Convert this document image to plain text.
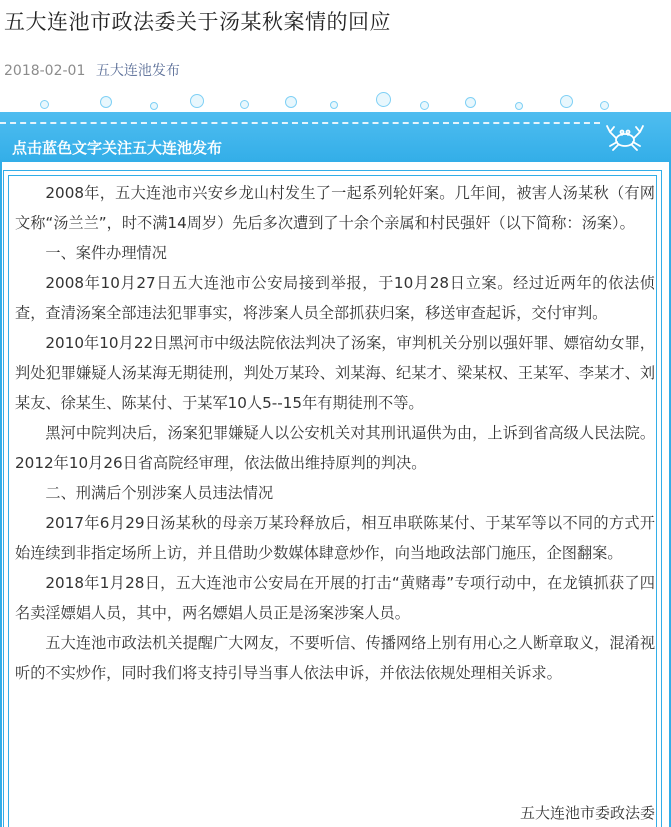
五大连池市政法委关于汤某秋案情的回应
2018-02-01 五大连池发布
点击蓝色文字关注五大连池发布

2008年，五大连池市兴安乡龙山村发生了一起系列轮奸案。几年间，被害人汤某秋（有网文称“汤兰兰”，时不满14周岁）先后多次遭到了十余个亲属和村民强奸（以下简称：汤案）。

一、案件办理情况

2008年10月27日五大连池市公安局接到举报，于10月28日立案。经过近两年的依法侦查，查清汤案全部违法犯罪事实，将涉案人员全部抓获归案，移送审查起诉，交付审判。

2010年10月22日黑河市中级法院依法判决了汤案，审判机关分别以强奸罪、嫖宿幼女罪，判处犯罪嫌疑人汤某海无期徒刑，判处万某玲、刘某海、纪某才、梁某权、王某军、李某才、刘某友、徐某生、陈某付、于某军10人5--15年有期徒刑不等。

黑河中院判决后，汤案犯罪嫌疑人以公安机关对其刑讯逼供为由，上诉到省高级人民法院。2012年10月26日省高院经审理，依法做出维持原判的判决。

二、刑满后个别涉案人员违法情况

2017年6月29日汤某秋的母亲万某玲释放后，相互串联陈某付、于某军等以不同的方式开始连续到非指定场所上访，并且借助少数媒体肆意炒作，向当地政法部门施压，企图翻案。

2018年1月28日，五大连池市公安局在开展的打击“黄赌毒”专项行动中，在龙镇抓获了四名卖淫嫖娼人员，其中，两名嫖娼人员正是汤案涉案人员。

五大连池市政法机关提醒广大网友，不要听信、传播网络上别有用心之人断章取义，混淆视听的不实炒作，同时我们将支持引导当事人依法申诉，并依法依规处理相关诉求。

五大连池市委政法委
